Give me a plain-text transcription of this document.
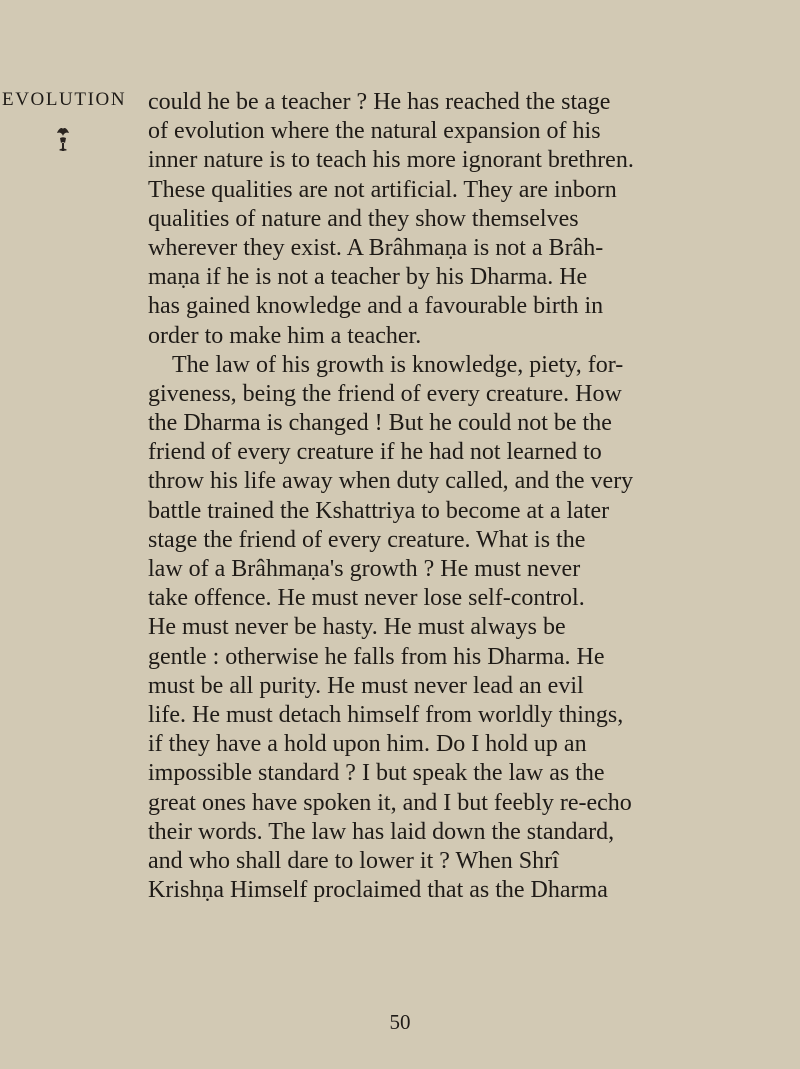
EVOLUTION could he be a teacher ? He has reached the stage
of evolution where the natural expansion of his
inner nature is to teach his more ignorant brethren.
These qualities are not artificial. They are inborn
qualities of nature and they show themselves
wherever they exist. A Brâhmaṇa is not a Brâh-
maṇa if he is not a teacher by his Dharma. He
has gained knowledge and a favourable birth in
order to make him a teacher.
The law of his growth is knowledge, piety, for-
giveness, being the friend of every creature. How
the Dharma is changed ! But he could not be the
friend of every creature if he had not learned to
throw his life away when duty called, and the very
battle trained the Kshattriya to become at a later
stage the friend of every creature. What is the
law of a Brâhmaṇa's growth ? He must never
take offence. He must never lose self-control.
He must never be hasty. He must always be
gentle : otherwise he falls from his Dharma. He
must be all purity. He must never lead an evil
life. He must detach himself from worldly things,
if they have a hold upon him. Do I hold up an
impossible standard ? I but speak the law as the
great ones have spoken it, and I but feebly re-echo
their words. The law has laid down the standard,
and who shall dare to lower it ? When Shrî
Krishṇa Himself proclaimed that as the Dharma
50
